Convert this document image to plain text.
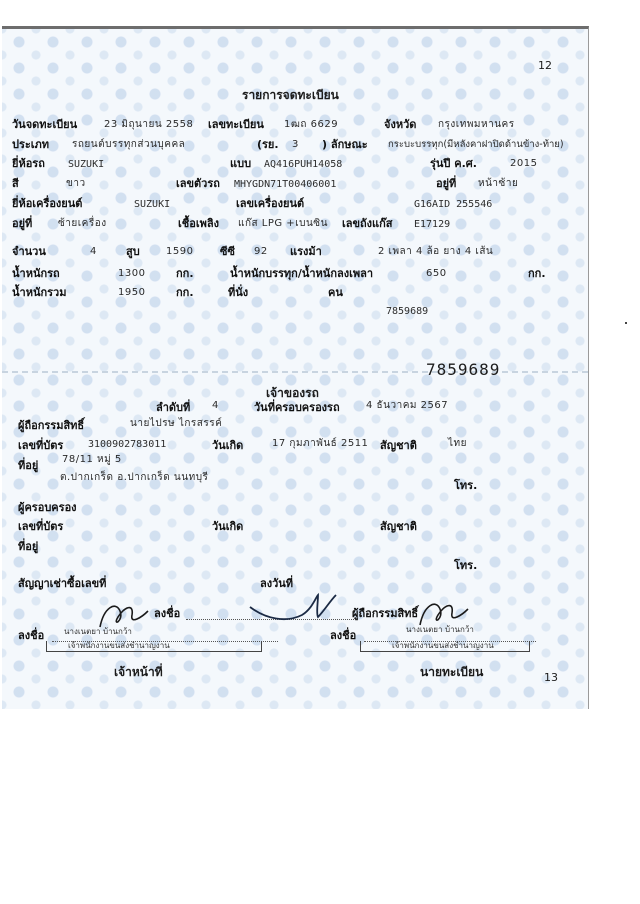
12
รายการจดทะเบียน
วันจดทะเบียน	23 มิถุนายน 2558 เลขทะเบียน 1ฒถ 6629	จังหวัด กรุงเทพมหานคร
ประเภท รถยนต์บรรทุกส่วนบุคคล	(รย. 3 ) ลักษณะ กระบะบรรทุก(มีหลังคาฝาปิดด้านข้าง-ท้าย)
ยี่ห้อรถ SUZUKI	แบบ AQ416PUH14058	รุ่นปี ค.ศ.	2015
สี	ขาว	เลขตัวรถ MHYGDN71T00406001	อยู่ที่ หน้าซ้าย
ยี่ห้อเครื่องยนต์	SUZUKI	เลขเครื่องยนต์	G16AID 255546
อยู่ที่	ซ้ายเครื่อง	เชื้อเพลิง แก๊ส LPG +เบนซิน เลขถังแก๊ส E17129
จำนวน	4	สูบ	1590 ซีซี 92 แรงม้า	2 เพลา 4 ล้อ ยาง 4 เส้น
น้ำหนักรถ	1300	กก.	น้ำหนักบรรทุก/น้ำหนักลงเพลา	650	กก.
น้ำหนักรวม	1950	กก.	ที่นั่ง	คน
7859689
7859689
เจ้าของรถ
ลำดับที่ 4	วันที่ครอบครองรถ	4 ธันวาคม 2567
ผู้ถือกรรมสิทธิ์	นายไปรษ ไกรสรรค์
เลขที่บัตร 3100902783011	วันเกิด	17 กุมภาพันธ์ 2511 สัญชาติ	ไทย
ที่อยู่ 78/11 หมู่ 5
ต.ปากเกร็ด อ.ปากเกร็ด นนทบุรี
โทร.
ผู้ครอบครอง
เลขที่บัตร	วันเกิด	สัญชาติ
ที่อยู่
โทร.
สัญญาเช่าซื้อเลขที่	ลงวันที่
ลงชื่อ	ผู้ถือกรรมสิทธิ์
นางเนตยา บ้านกว้า	นางเนตยา บ้านกว้า
ลงชื่อ	ลงชื่อ
เจ้าพนักงานขนส่งชำนาญงาน	เจ้าพนักงานขนส่งชำนาญงาน
เจ้าหน้าที่	นายทะเบียน	13
